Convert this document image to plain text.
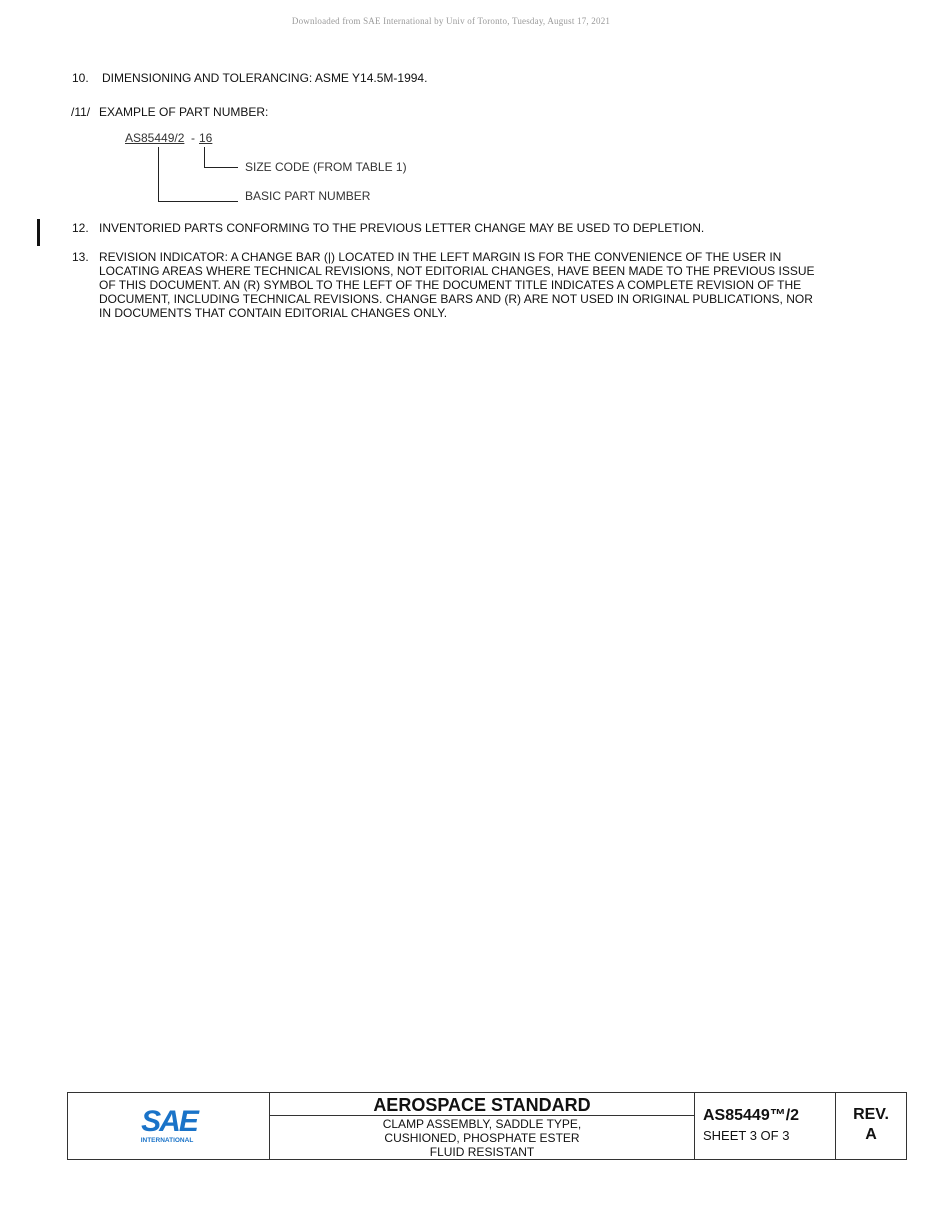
Downloaded from SAE International by Univ of Toronto, Tuesday, August 17, 2021
10. DIMENSIONING AND TOLERANCING: ASME Y14.5M-1994.
/11/ EXAMPLE OF PART NUMBER:
AS85449/2 - 16
SIZE CODE (FROM TABLE 1)
BASIC PART NUMBER
12. INVENTORIED PARTS CONFORMING TO THE PREVIOUS LETTER CHANGE MAY BE USED TO DEPLETION.
13. REVISION INDICATOR: A CHANGE BAR (|) LOCATED IN THE LEFT MARGIN IS FOR THE CONVENIENCE OF THE USER IN
LOCATING AREAS WHERE TECHNICAL REVISIONS, NOT EDITORIAL CHANGES, HAVE BEEN MADE TO THE PREVIOUS ISSUE
OF THIS DOCUMENT. AN (R) SYMBOL TO THE LEFT OF THE DOCUMENT TITLE INDICATES A COMPLETE REVISION OF THE
DOCUMENT, INCLUDING TECHNICAL REVISIONS. CHANGE BARS AND (R) ARE NOT USED IN ORIGINAL PUBLICATIONS, NOR
IN DOCUMENTS THAT CONTAIN EDITORIAL CHANGES ONLY.
SAE
INTERNATIONAL
AEROSPACE STANDARD
CLAMP ASSEMBLY, SADDLE TYPE,
CUSHIONED, PHOSPHATE ESTER
FLUID RESISTANT
AS85449™/2
SHEET 3 OF 3
REV.
A
